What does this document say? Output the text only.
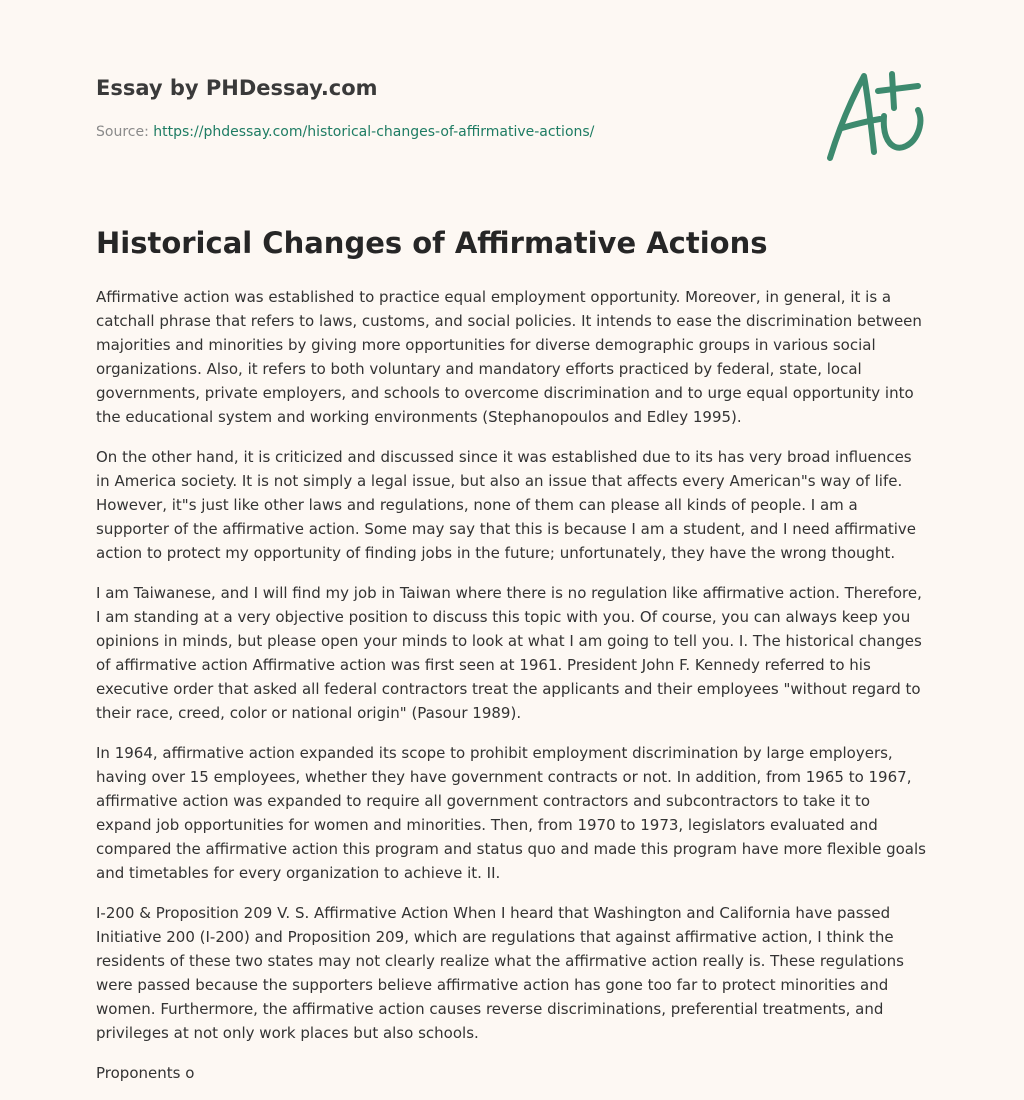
Essay by PHDessay.com

Source: https://phdessay.com/historical-changes-of-affirmative-actions/

Historical Changes of Affirmative Actions

Affirmative action was established to practice equal employment opportunity. Moreover, in general, it is a catchall phrase that refers to laws, customs, and social policies. It intends to ease the discrimination between majorities and minorities by giving more opportunities for diverse demographic groups in various social organizations. Also, it refers to both voluntary and mandatory efforts practiced by federal, state, local governments, private employers, and schools to overcome discrimination and to urge equal opportunity into the educational system and working environments (Stephanopoulos and Edley 1995).

On the other hand, it is criticized and discussed since it was established due to its has very broad influences in America society. It is not simply a legal issue, but also an issue that affects every American"s way of life. However, it"s just like other laws and regulations, none of them can please all kinds of people. I am a supporter of the affirmative action. Some may say that this is because I am a student, and I need affirmative action to protect my opportunity of finding jobs in the future; unfortunately, they have the wrong thought.

I am Taiwanese, and I will find my job in Taiwan where there is no regulation like affirmative action. Therefore, I am standing at a very objective position to discuss this topic with you. Of course, you can always keep you opinions in minds, but please open your minds to look at what I am going to tell you. I. The historical changes of affirmative action Affirmative action was first seen at 1961. President John F. Kennedy referred to his executive order that asked all federal contractors treat the applicants and their employees "without regard to their race, creed, color or national origin" (Pasour 1989).

In 1964, affirmative action expanded its scope to prohibit employment discrimination by large employers, having over 15 employees, whether they have government contracts or not. In addition, from 1965 to 1967, affirmative action was expanded to require all government contractors and subcontractors to take it to expand job opportunities for women and minorities. Then, from 1970 to 1973, legislators evaluated and compared the affirmative action this program and status quo and made this program have more flexible goals and timetables for every organization to achieve it. II.

I-200 & Proposition 209 V. S. Affirmative Action When I heard that Washington and California have passed Initiative 200 (I-200) and Proposition 209, which are regulations that against affirmative action, I think the residents of these two states may not clearly realize what the affirmative action really is. These regulations were passed because the supporters believe affirmative action has gone too far to protect minorities and women. Furthermore, the affirmative action causes reverse discriminations, preferential treatments, and privileges at not only work places but also schools.

Proponents o
